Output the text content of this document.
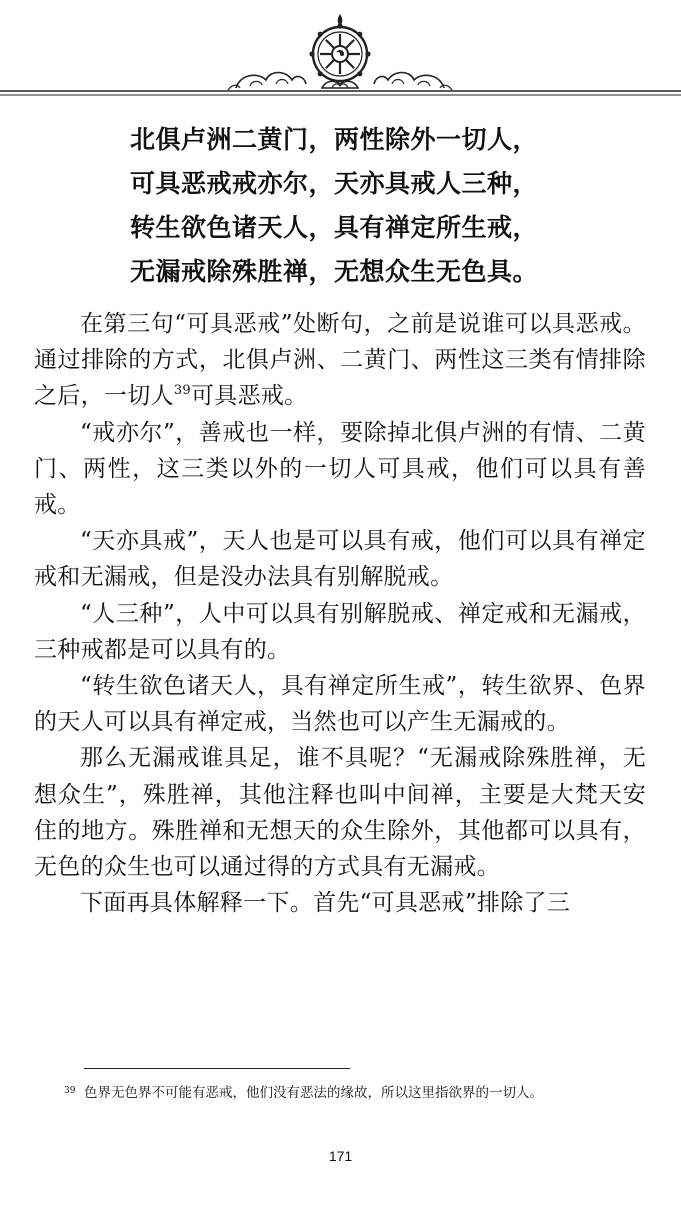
北俱卢洲二黄门，两性除外一切人，
可具恶戒戒亦尔，天亦具戒人三种，
转生欲色诸天人，具有禅定所生戒，
无漏戒除殊胜禅，无想众生无色具。

在第三句“可具恶戒”处断句，之前是说谁可以具恶戒。通过排除的方式，北俱卢洲、二黄门、两性这三类有情排除之后，一切人$^{39}$可具恶戒。

“戒亦尔”，善戒也一样，要除掉北俱卢洲的有情、二黄门、两性，这三类以外的一切人可具戒，他们可以具有善戒。

“天亦具戒”，天人也是可以具有戒，他们可以具有禅定戒和无漏戒，但是没办法具有别解脱戒。

“人三种”，人中可以具有别解脱戒、禅定戒和无漏戒，三种戒都是可以具有的。

“转生欲色诸天人，具有禅定所生戒”，转生欲界、色界的天人可以具有禅定戒，当然也可以产生无漏戒的。

那么无漏戒谁具足，谁不具呢？“无漏戒除殊胜禅，无想众生”，殊胜禅，其他注释也叫中间禅，主要是大梵天安住的地方。殊胜禅和无想天的众生除外，其他都可以具有，无色的众生也可以通过得的方式具有无漏戒。

下面再具体解释一下。首先“可具恶戒”排除了三

$^{39}$ 色界无色界不可能有恶戒，他们没有恶法的缘故，所以这里指欲界的一切人。
171
